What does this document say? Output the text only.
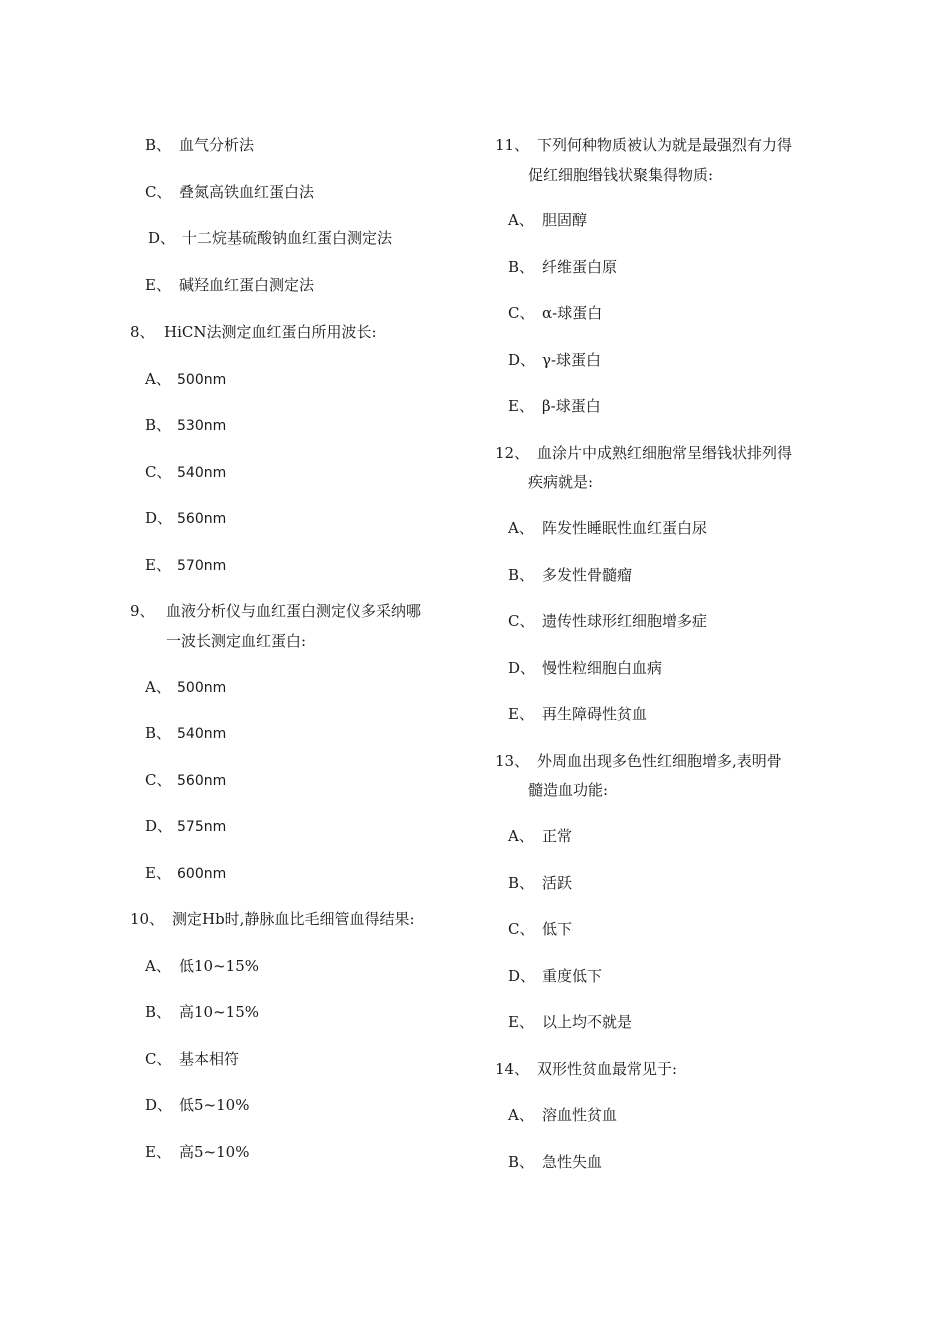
B、 血气分析法
C、 叠氮高铁血红蛋白法
D、 十二烷基硫酸钠血红蛋白测定法
E、 碱羟血红蛋白测定法
8、 HiCN法测定血红蛋白所用波长:
A、 500nm
B、 530nm
C、 540nm
D、 560nm
E、 570nm
9、 血液分析仪与血红蛋白测定仪多采纳哪
一波长测定血红蛋白:
A、 500nm
B、 540nm
C、 560nm
D、 575nm
E、 600nm
10、 测定Hb时,静脉血比毛细管血得结果:
A、 低10~15%
B、 高10~15%
C、 基本相符
D、 低5~10%
E、 高5~10%
11、 下列何种物质被认为就是最强烈有力得
促红细胞缗钱状聚集得物质:
A、 胆固醇
B、 纤维蛋白原
C、 α-球蛋白
D、 γ-球蛋白
E、 β-球蛋白
12、 血涂片中成熟红细胞常呈缗钱状排列得
疾病就是:
A、 阵发性睡眠性血红蛋白尿
B、 多发性骨髓瘤
C、 遗传性球形红细胞增多症
D、 慢性粒细胞白血病
E、 再生障碍性贫血
13、 外周血出现多色性红细胞增多,表明骨
髓造血功能:
A、 正常
B、 活跃
C、 低下
D、 重度低下
E、 以上均不就是
14、 双形性贫血最常见于:
A、 溶血性贫血
B、 急性失血
